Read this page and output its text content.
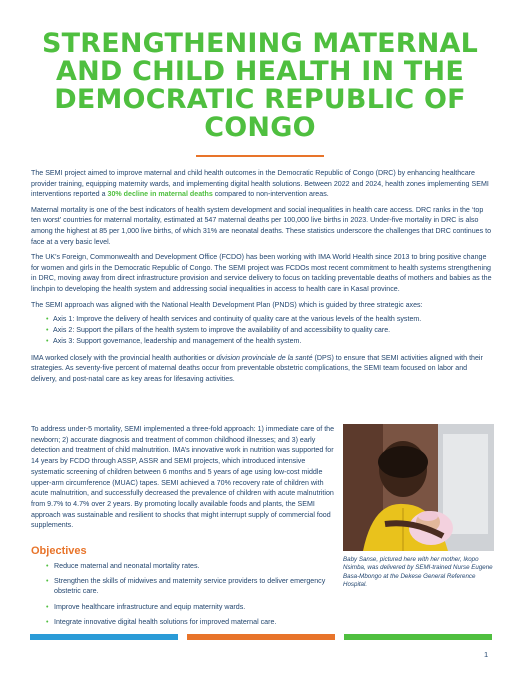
STRENGTHENING MATERNAL AND CHILD HEALTH IN THE DEMOCRATIC REPUBLIC OF CONGO

The SEMI project aimed to improve maternal and child health outcomes in the Democratic Republic of Congo (DRC) by enhancing healthcare provider training, equipping maternity wards, and implementing digital health solutions. Between 2022 and 2024, health zones implementing SEMI interventions reported a 30% decline in maternal deaths compared to non-intervention areas.

Maternal mortality is one of the best indicators of health system development and social inequalities in health care access. DRC ranks in the ‘top ten worst’ countries for maternal mortality, estimated at 547 maternal deaths per 100,000 live births in 2023. Under-five mortality in DRC is also among the highest at 85 per 1,000 live births, of which 31% are neonatal deaths. These statistics underscore the challenges that DRC continues to face at a very basic level.

The UK’s Foreign, Commonwealth and Development Office (FCDO) has been working with IMA World Health since 2013 to bring positive change for women and girls in the Democratic Republic of Congo. The SEMI project was FCDOs most recent commitment to health systems strengthening in DRC, moving away from direct infrastructure provision and service delivery to focus on tackling preventable deaths of mothers and babies as the linchpin to developing the health system and addressing social inequalities in access to health care in Kasaï province.

The SEMI approach was aligned with the National Health Development Plan (PNDS) which is guided by three strategic axes:

• Axis 1: Improve the delivery of health services and continuity of quality care at the various levels of the health system.
• Axis 2: Support the pillars of the health system to improve the availability of and accessibility to quality care.
• Axis 3: Support governance, leadership and management of the health system.

IMA worked closely with the provincial health authorities or division provinciale de la santé (DPS) to ensure that SEMI activities aligned with their strategies. As seventy-five percent of maternal deaths occur from preventable obstetric complications, the SEMI team focused on labor and delivery, and post-natal care as key areas for lifesaving activities.

To address under-5 mortality, SEMI implemented a three-fold approach: 1) immediate care of the newborn; 2) accurate diagnosis and treatment of common childhood illnesses; and 3) early detection and treatment of child malnutrition. IMA’s innovative work in nutrition was supported for 14 years by FCDO through ASSP, ASSR and SEMI projects, which introduced intensive systematic screening of children between 6 months and 5 years of age using low-cost middle upper-arm circumference (MUAC) tapes. SEMI achieved a 70% recovery rate of children with acute malnutrition, and successfully decreased the prevalence of children with acute malnutrition from 9.7% to 4.7% over 2 years. By promoting locally available foods and plants, the SEMI approach was sustainable and resilient to shocks that might interrupt supply of commercial food supplements.
Baby Sanse, pictured here with her mother, Ikopo Nsimba, was delivered by SEMI-trained Nurse Eugene Basa-Mbongo at the Dekese General Reference Hospital.
Objectives
• Reduce maternal and neonatal mortality rates.
• Strengthen the skills of midwives and maternity service providers to deliver emergency obstetric care.
• Improve healthcare infrastructure and equip maternity wards.
• Integrate innovative digital health solutions for improved maternal care.
1
